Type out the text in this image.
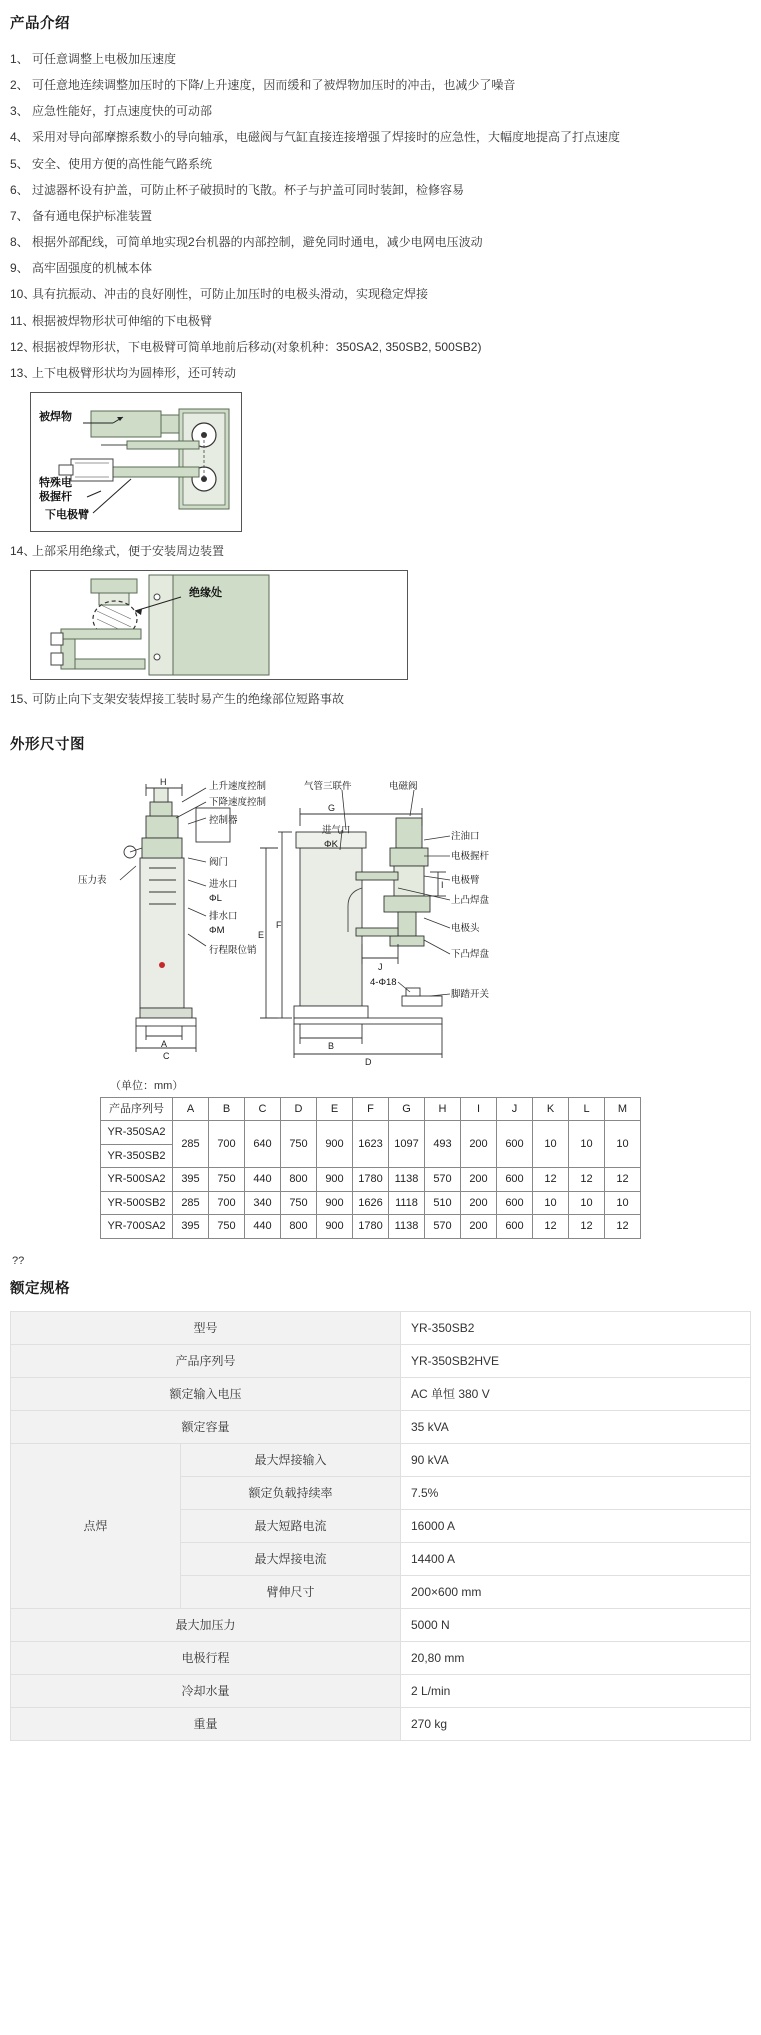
产品介绍
1、 可任意调整上电极加压速度
2、 可任意地连续调整加压时的下降/上升速度，因而缓和了被焊物加压时的冲击，也减少了噪音
3、 应急性能好，打点速度快的可动部
4、 采用对导向部摩擦系数小的导向轴承，电磁阀与气缸直接连接增强了焊接时的应急性，大幅度地提高了打点速度
5、 安全、使用方便的高性能气路系统
6、 过滤器杯设有护盖，可防止杯子破损时的飞散。杯子与护盖可同时装卸，检修容易
7、 备有通电保护标准装置
8、 根据外部配线，可简单地实现2台机器的内部控制，避免同时通电，减少电网电压波动
9、 高牢固强度的机械本体
10、
具有抗振动、冲击的良好刚性，可防止加压时的电极头滑动，实现稳定焊接
11、
根据被焊物形状可伸缩的下电极臂
12、
根据被焊物形状，下电极臂可简单地前后移动(对象机种：350SA2, 350SB2, 500SB2)
13、
上下电极臂形状均为圆棒形，还可转动
被焊物
特殊电
极握杆
下电极臂
14、
上部采用绝缘式，便于安装周边装置
绝缘处
15、
可防止向下支架安装焊接工装时易产生的绝缘部位短路事故
外形尺寸图
H
A
C
G
F
E
B
D
I
J
上升速度控制
下降速度控制
控制器
压力表
阀门
进水口
ΦL
排水口
ΦM
行程限位销
气管三联件	电磁阀
进气口
ΦK
注油口
电极握杆
电极臂
上凸焊盘
电极头
下凸焊盘
脚踏开关
4-Φ18
（单位：mm）
产品序列号	A	B	C	D	E	F	G	H	I	J	K	L	M
YR-350SA2	285	700	640	750	900	1623	1097	493	200	600	10	10	10
YR-350SB2													
YR-500SA2	395	750	440	800	900	1780	1138	570	200	600	12	12	12
YR-500SB2	285	700	340	750	900	1626	1118	510	200	600	10	10	10
YR-700SA2	395	750	440	800	900	1780	1138	570	200	600	12	12	12
??
额定规格
型号		YR-350SB2
产品序列号		YR-350SB2HVE
额定输入电压		AC 单恒 380 V
额定容量		35 kVA
点焊	最大焊接输入	90 kVA
	额定负载持续率	7.5%
	最大短路电流	16000 A
	最大焊接电流	14400 A
	臂伸尺寸	200×600 mm
最大加压力		5000 N
电极行程		20,80 mm
冷却水量		2 L/min
重量		270 kg
